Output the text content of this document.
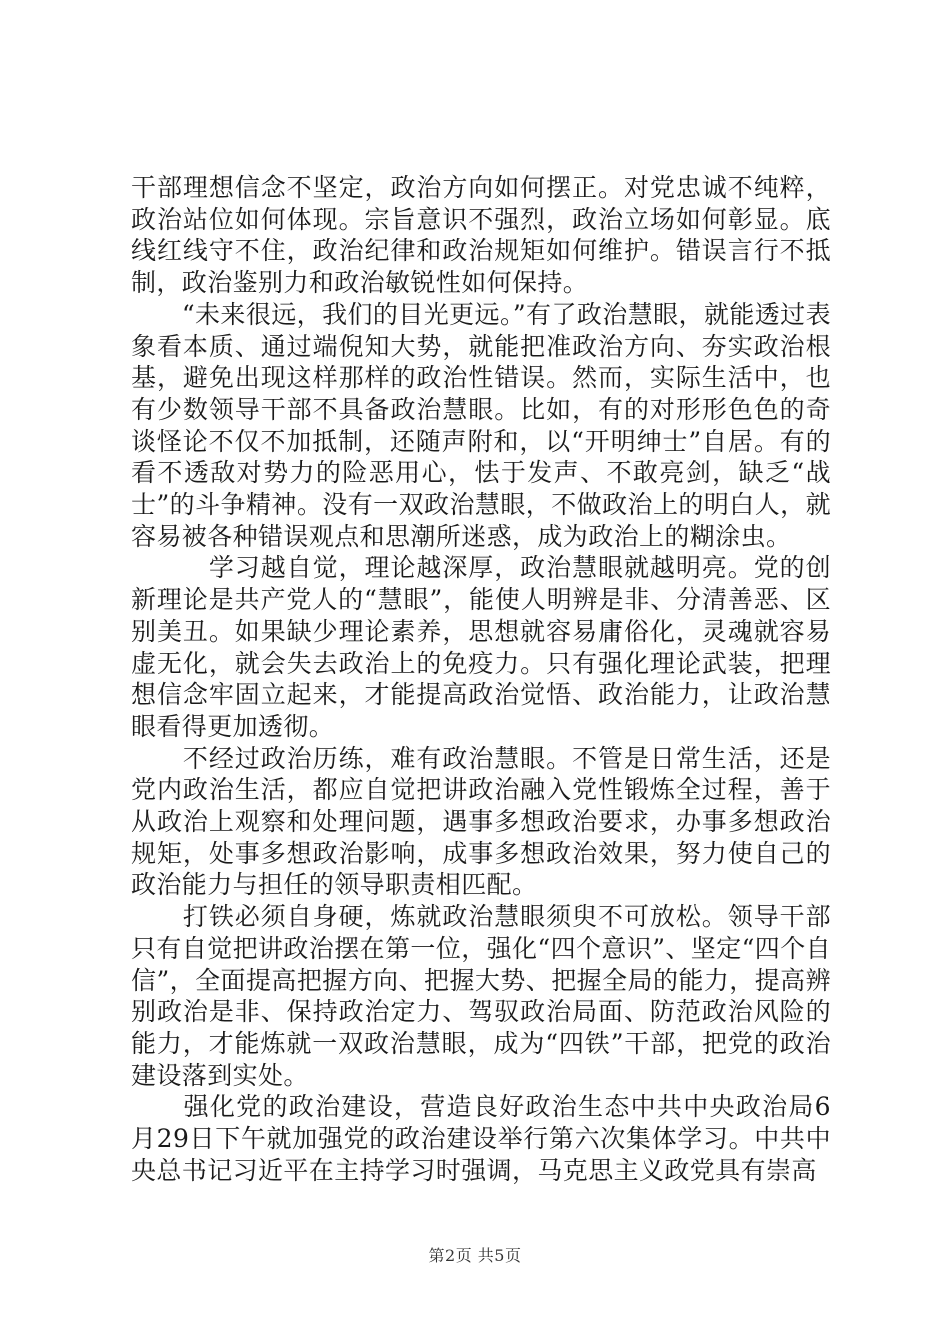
干部理想信念不坚定，政治方向如何摆正。对党忠诚不纯粹，政治站位如何体现。宗旨意识不强烈，政治立场如何彰显。底线红线守不住，政治纪律和政治规矩如何维护。错误言行不抵制，政治鉴别力和政治敏锐性如何保持。

　　“未来很远，我们的目光更远。”有了政治慧眼，就能透过表象看本质、通过端倪知大势，就能把准政治方向、夯实政治根基，避免出现这样那样的政治性错误。然而，实际生活中，也有少数领导干部不具备政治慧眼。比如，有的对形形色色的奇谈怪论不仅不加抵制，还随声附和，以“开明绅士”自居。有的看不透敌对势力的险恶用心，怯于发声、不敢亮剑，缺乏“战士”的斗争精神。没有一双政治慧眼，不做政治上的明白人，就容易被各种错误观点和思潮所迷惑，成为政治上的糊涂虫。

　　　学习越自觉，理论越深厚，政治慧眼就越明亮。党的创新理论是共产党人的“慧眼”，能使人明辨是非、分清善恶、区别美丑。如果缺少理论素养，思想就容易庸俗化，灵魂就容易虚无化，就会失去政治上的免疫力。只有强化理论武装，把理想信念牢固立起来，才能提高政治觉悟、政治能力，让政治慧眼看得更加透彻。

　　不经过政治历练，难有政治慧眼。不管是日常生活，还是党内政治生活，都应自觉把讲政治融入党性锻炼全过程，善于从政治上观察和处理问题，遇事多想政治要求，办事多想政治规矩，处事多想政治影响，成事多想政治效果，努力使自己的政治能力与担任的领导职责相匹配。

　　打铁必须自身硬，炼就政治慧眼须臾不可放松。领导干部只有自觉把讲政治摆在第一位，强化“四个意识”、坚定“四个自信”，全面提高把握方向、把握大势、把握全局的能力，提高辨别政治是非、保持政治定力、驾驭政治局面、防范政治风险的能力，才能炼就一双政治慧眼，成为“四铁”干部，把党的政治建设落到实处。

　　强化党的政治建设，营造良好政治生态中共中央政治局6月29日下午就加强党的政治建设举行第六次集体学习。中共中央总书记习近平在主持学习时强调，马克思主义政党具有崇高

第2页 共5页
